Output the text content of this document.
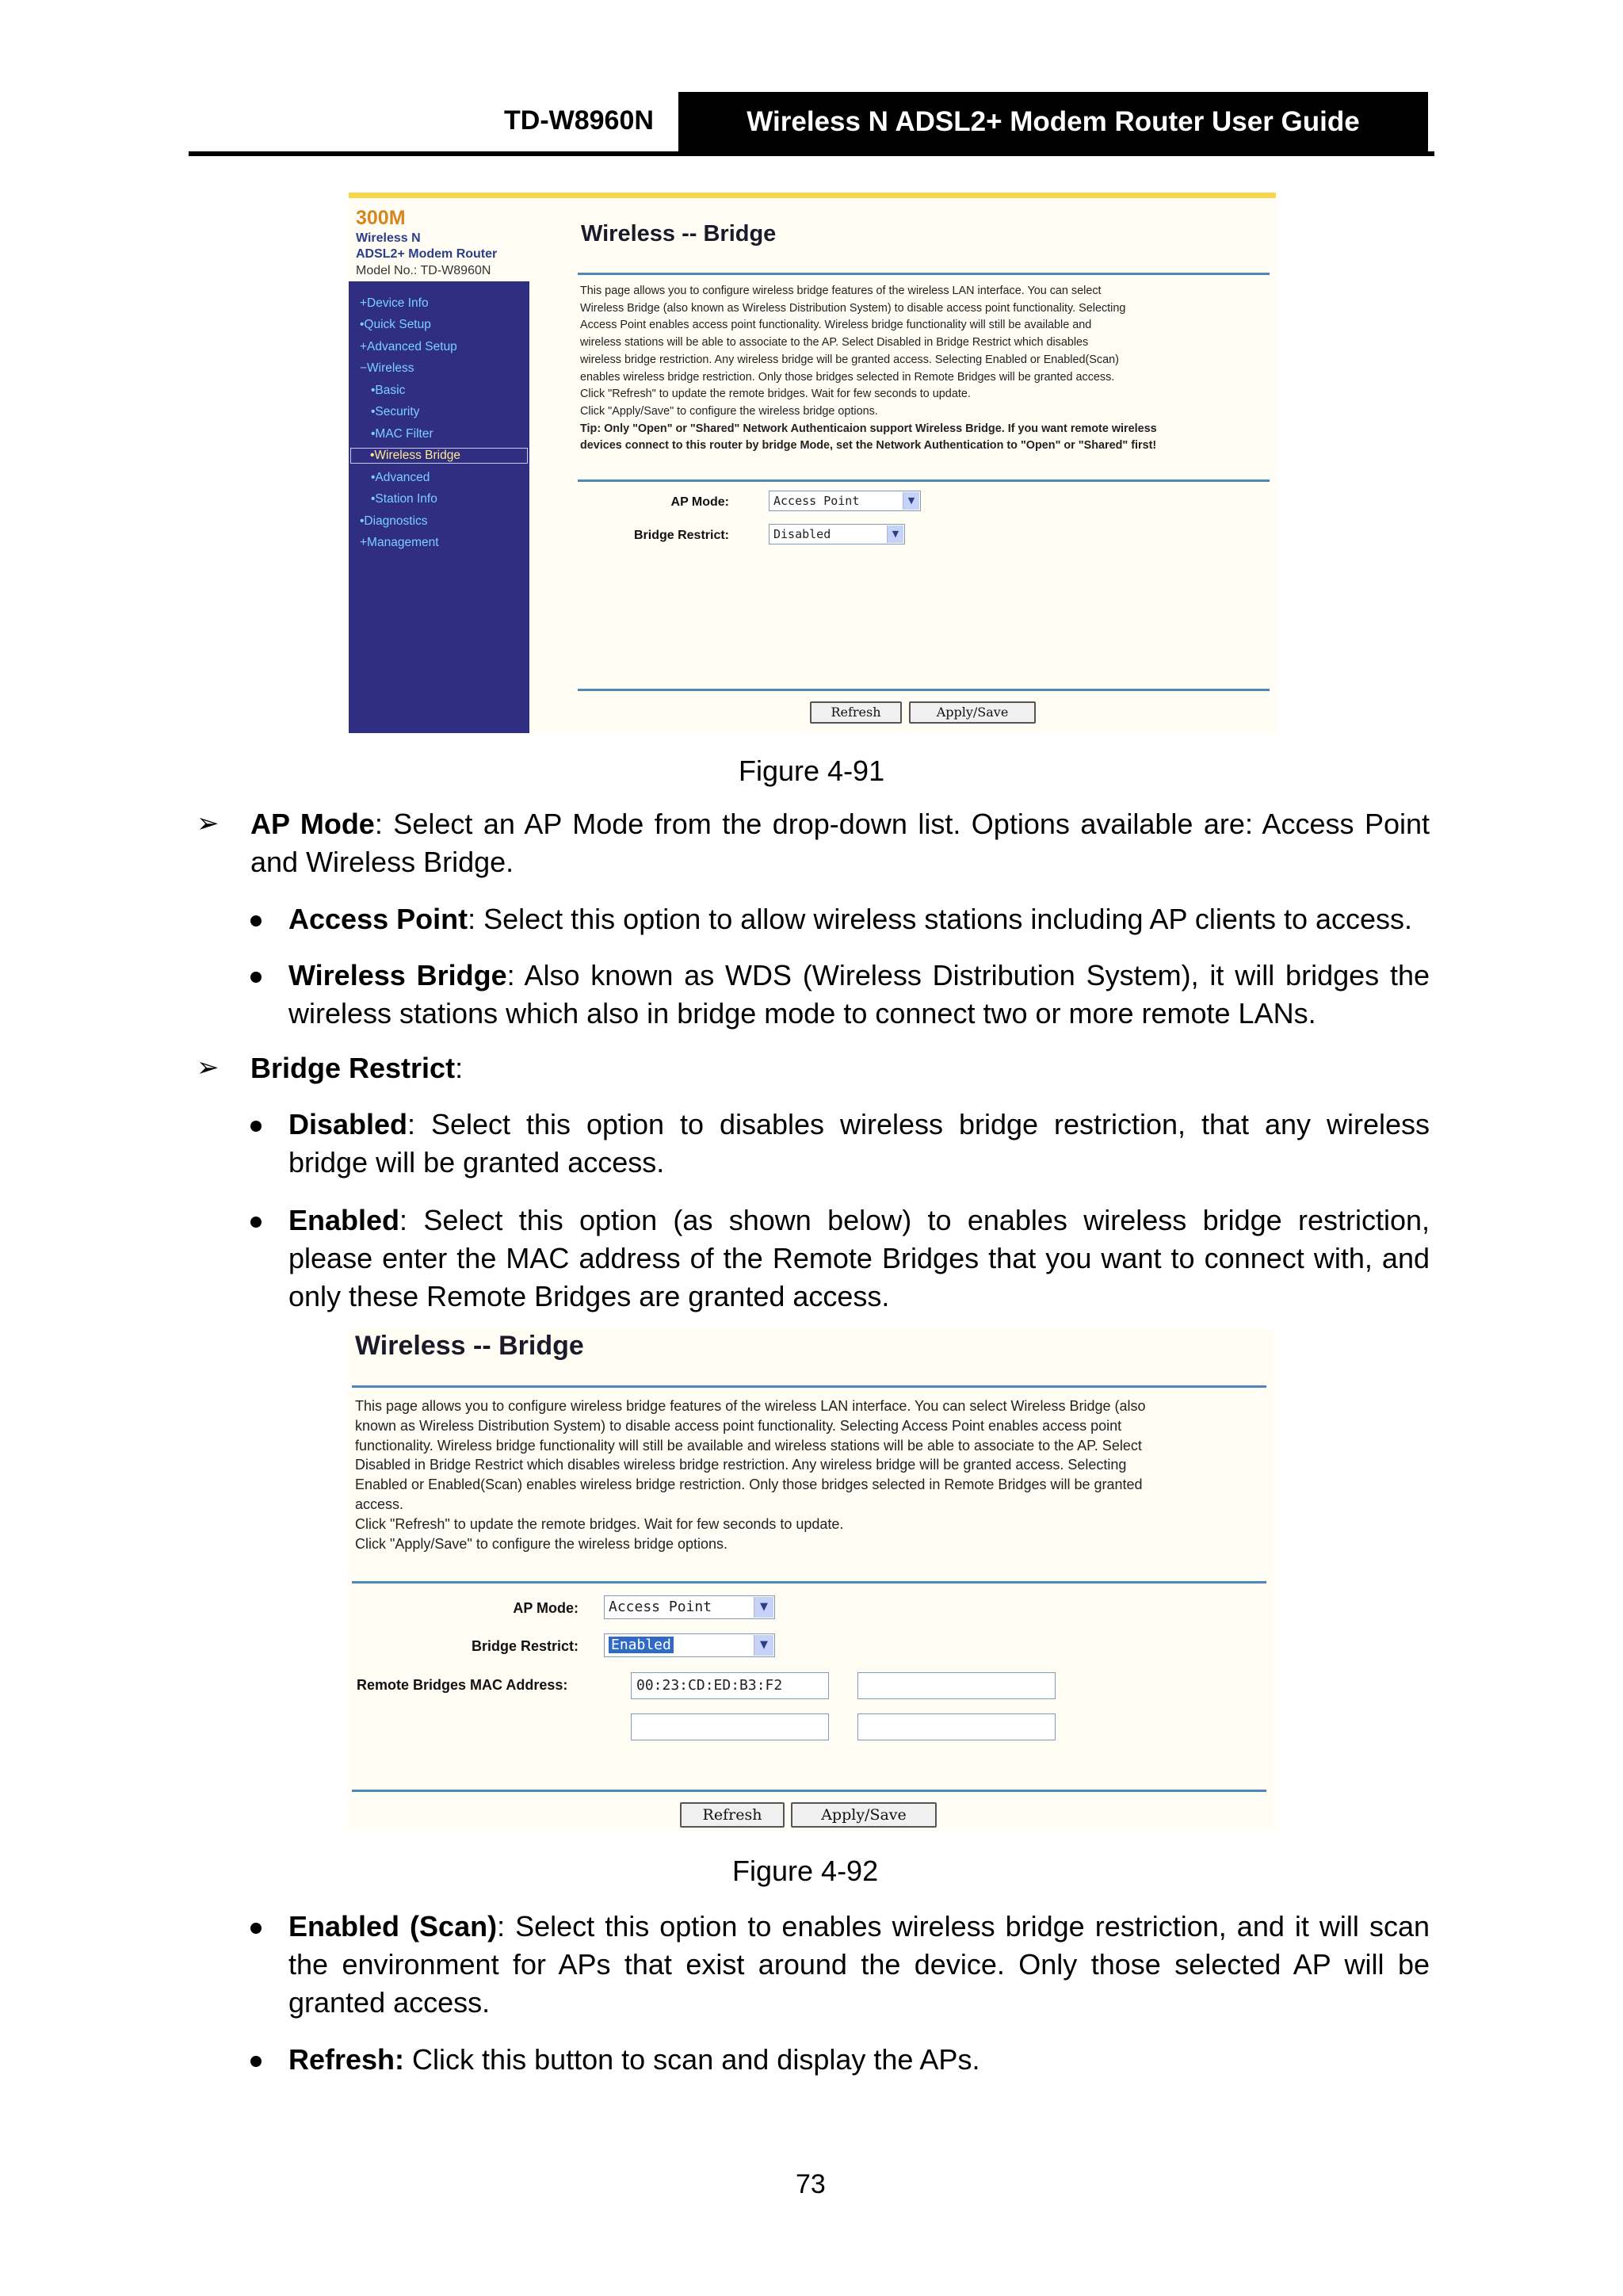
TD-W8960N	Wireless N ADSL2+ Modem Router User Guide
300M
Wireless N
ADSL2+ Modem Router
Model No.: TD-W8960N
+Device Info
•Quick Setup
+Advanced Setup
−Wireless
•Basic
•Security
•MAC Filter
•Wireless Bridge
•Advanced
•Station Info
•Diagnostics
+Management
Wireless -- Bridge
This page allows you to configure wireless bridge features of the wireless LAN interface. You can select
Wireless Bridge (also known as Wireless Distribution System) to disable access point functionality. Selecting
Access Point enables access point functionality. Wireless bridge functionality will still be available and
wireless stations will be able to associate to the AP. Select Disabled in Bridge Restrict which disables
wireless bridge restriction. Any wireless bridge will be granted access. Selecting Enabled or Enabled(Scan)
enables wireless bridge restriction. Only those bridges selected in Remote Bridges will be granted access.
Click "Refresh" to update the remote bridges. Wait for few seconds to update.
Click "Apply/Save" to configure the wireless bridge options.
Tip: Only "Open" or "Shared" Network Authenticaion support Wireless Bridge. If you want remote wireless
devices connect to this router by bridge Mode, set the Network Authentication to "Open" or "Shared" first!
AP Mode:	Access Point	▼
Bridge Restrict:	Disabled	▼
Refresh	Apply/Save
Figure 4-91
➢ AP Mode: Select an AP Mode from the drop-down list. Options available are: Access Point and Wireless Bridge.
Access Point: Select this option to allow wireless stations including AP clients to access.
Wireless Bridge: Also known as WDS (Wireless Distribution System), it will bridges the wireless stations which also in bridge mode to connect two or more remote LANs.
➢ Bridge Restrict:
Disabled: Select this option to disables wireless bridge restriction, that any wireless bridge will be granted access.
Enabled: Select this option (as shown below) to enables wireless bridge restriction, please enter the MAC address of the Remote Bridges that you want to connect with, and only these Remote Bridges are granted access.
Wireless -- Bridge
This page allows you to configure wireless bridge features of the wireless LAN interface. You can select Wireless Bridge (also
known as Wireless Distribution System) to disable access point functionality. Selecting Access Point enables access point
functionality. Wireless bridge functionality will still be available and wireless stations will be able to associate to the AP. Select
Disabled in Bridge Restrict which disables wireless bridge restriction. Any wireless bridge will be granted access. Selecting
Enabled or Enabled(Scan) enables wireless bridge restriction. Only those bridges selected in Remote Bridges will be granted
access.
Click "Refresh" to update the remote bridges. Wait for few seconds to update.
Click "Apply/Save" to configure the wireless bridge options.
AP Mode:	Access Point	▼
Bridge Restrict:	Enabled	▼
Remote Bridges MAC Address:	00:23:CD:ED:B3:F2
Refresh	Apply/Save
Figure 4-92
Enabled (Scan): Select this option to enables wireless bridge restriction, and it will scan the environment for APs that exist around the device. Only those selected AP will be granted access.
Refresh: Click this button to scan and display the APs.
73
